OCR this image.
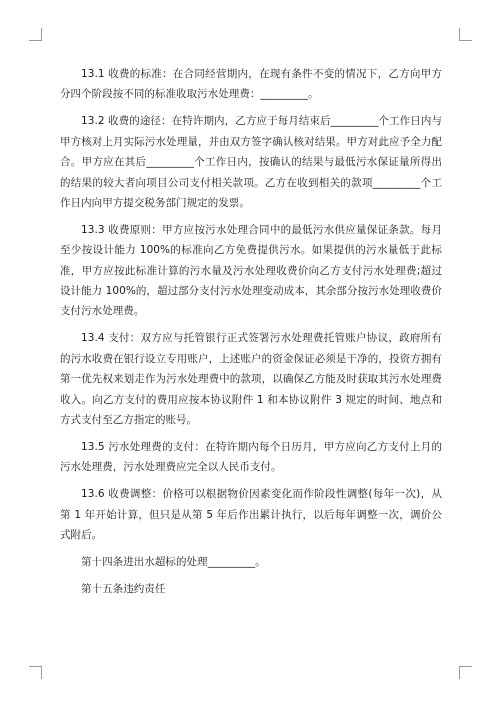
13.1 收费的标准：在合同经营期内，在现有条件不变的情况下，乙方向甲方分四个阶段按不同的标准收取污水处理费：_________。

13.2 收费的途径：在特许期内，乙方应于每月结束后_________个工作日内与甲方核对上月实际污水处理量，并由双方签字确认核对结果。甲方对此应予全力配合。甲方应在其后_________个工作日内，按确认的结果与最低污水保证量所得出的结果的较大者向项目公司支付相关款项。乙方在收到相关的款项_________个工作日内向甲方提交税务部门规定的发票。

13.3 收费原则：甲方应按污水处理合同中的最低污水供应量保证条款。每月至少按设计能力 100%的标准向乙方免费提供污水。如果提供的污水量低于此标准，甲方应按此标准计算的污水量及污水处理收费价向乙方支付污水处理费;超过设计能力 100%的，超过部分支付污水处理变动成本，其余部分按污水处理收费价支付污水处理费。

13.4 支付：双方应与托管银行正式签署污水处理费托管账户协议，政府所有的污水收费在银行设立专用账户，上述账户的资金保证必须是干净的，投资方拥有第一优先权来划走作为污水处理费中的款项，以确保乙方能及时获取其污水处理费收入。向乙方支付的费用应按本协议附件 1 和本协议附件 3 规定的时间、地点和方式支付至乙方指定的账号。

13.5 污水处理费的支付：在特许期内每个日历月，甲方应向乙方支付上月的污水处理费，污水处理费应完全以人民币支付。

13.6 收费调整：价格可以根据物价因素变化而作阶段性调整(每年一次)，从第 1 年开始计算，但只是从第 5 年后作出累计执行，以后每年调整一次，调价公式附后。

第十四条进出水超标的处理_________。

第十五条违约责任
